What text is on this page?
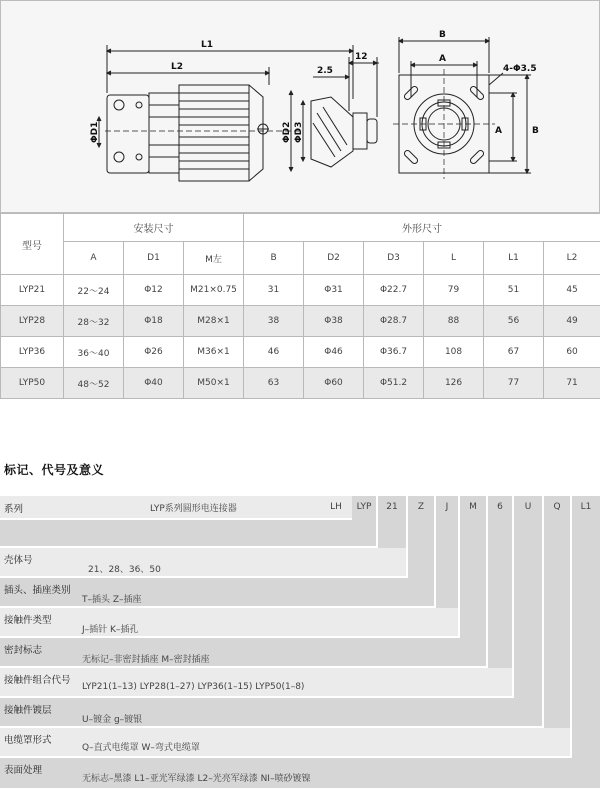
L1
L2
ΦD1	ΦD2 ΦD3
2.5
12
B
A
4-Φ3.5
A	B
型号	安装尺寸			外形尺寸					
	A	D1	M左	B	D2	D3	L	L1	L2
LYP21	22～24	Φ12	M21×0.75	31	Φ31	Φ22.7	79	51	45
LYP28	28～32	Φ18	M28×1	38	Φ38	Φ28.7	88	56	49
LYP36	36～40	Φ26	M36×1	46	Φ46	Φ36.7	108	67	60
LYP50	48～52	Φ40	M50×1	63	Φ60	Φ51.2	126	77	71
标记、代号及意义
系列	LYP系列圆形电连接器	LH	LYP	21	Z	J	M	6	U	Q	L1
壳体号
21、28、36、50
插头、插座类别
T–插头 Z–插座
接触件类型
J–插针 K–插孔
密封标志
无标记–非密封插座 M–密封插座
接触件组合代号
LYP21(1–13) LYP28(1–27) LYP36(1–15) LYP50(1–8)
接触件镀层
U–镀金 g–镀银
电缆罩形式
Q–直式电缆罩 W–弯式电缆罩
表面处理
无标志–黑漆 L1–亚光军绿漆 L2–光亮军绿漆 NI–喷砂镀镍
